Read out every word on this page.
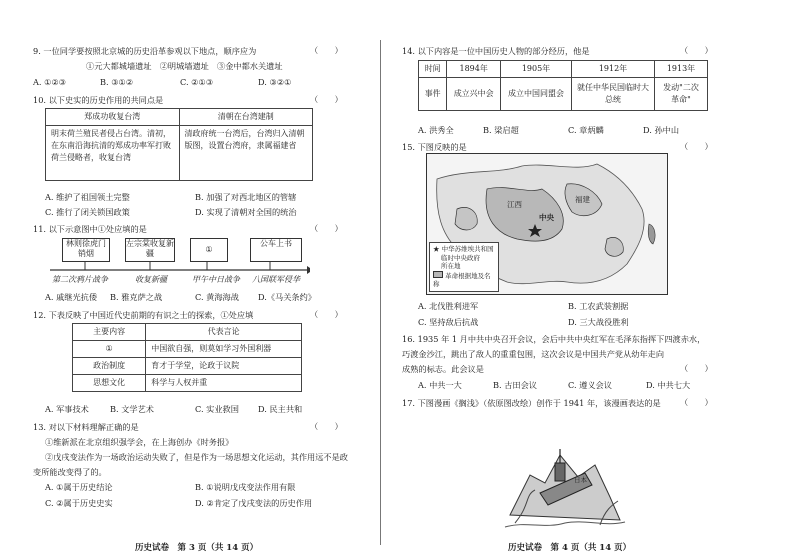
9. 一位同学要按照北京城的历史沿革参观以下地点，顺序应为	（　　）
①元大都城墙遗址　②明城墙遗址　③金中都水关遗址
A. ①②③	B. ③①②	C. ②①③	D. ③②①
10. 以下史实的历史作用的共同点是	（　　）
郑成功收复台湾	清朝在台湾建制
明末荷兰殖民者侵占台湾。清初，在东南沿海抗清的郑成功率军打败荷兰侵略者，收复台湾	清政府统一台湾后，台湾归入清朝版图，设置台湾府，隶属福建省
A. 维护了祖国领土完整	B. 加强了对西北地区的管辖
C. 推行了闭关锁国政策	D. 实现了清朝对全国的统治
11. 以下示意图中①处应填的是	（　　）
林则徐虎门销烟
左宗棠收复新疆	①
公车上书
第二次鸦片战争	收复新疆	甲午中日战争 八国联军侵华
A. 戚继光抗倭 B. 雅克萨之战	C. 黄海海战 D.《马关条约》
12. 下表反映了中国近代史前期的有识之士的探索，①处应填	（　　）
主要内容	代表言论
①	中国欲自强，则莫如学习外国利器
政治制度	育才于学堂，论政于议院
思想文化	科学与人权并重
A. 军事技术	B. 文学艺术	C. 实业救国 D. 民主共和
13. 对以下材料理解正确的是	（　　）
①维新派在北京组织强学会，在上海创办《时务报》
②戊戌变法作为一场政治运动失败了，但是作为一场思想文化运动，其作用远不是政
变所能改变得了的。
A. ①属于历史结论	B. ①说明戊戌变法作用有限
C. ②属于历史史实	D. ②肯定了戊戌变法的历史作用
历史试卷　第 3 页（共 14 页）
14. 以下内容是一位中国历史人物的部分经历，他是	（　　）
时间	1894年	1905年	1912年	1913年
事件	成立兴中会	成立中国同盟会	就任中华民国临时大总统	发动"二次革命"
A. 洪秀全	B. 梁启超	C. 章炳麟	D. 孙中山
15. 下图反映的是	（　　）
江西
福建
中央
★ 中华苏维埃共和国
临时中央政府
所在地
革命根据地及名称
A. 北伐胜利进军	B. 工农武装割据
C. 坚持敌后抗战	D. 三大战役胜利
16. 1935 年 1 月中共中央召开会议，会后中共中央红军在毛泽东指挥下四渡赤水，
巧渡金沙江，跳出了敌人的重重包围，这次会议是中国共产党从幼年走向
成熟的标志。此会议是	（　　）
A. 中共一大	B. 古田会议	C. 遵义会议	D. 中共七大
17. 下图漫画《搁浅》（依原图改绘）创作于 1941 年，该漫画表达的是 （　　）
日本
历史试卷　第 4 页（共 14 页）
